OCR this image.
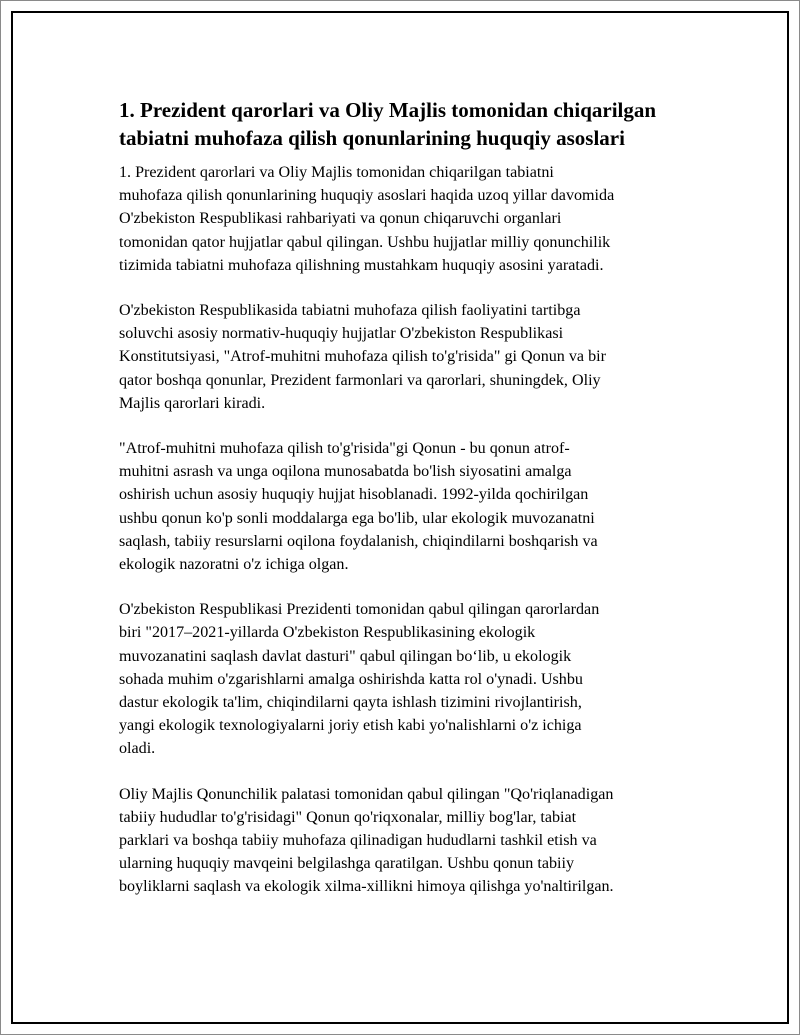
1. Prezident qarorlari va Oliy Majlis tomonidan chiqarilgan
tabiatni muhofaza qilish qonunlarining huquqiy asoslari

1. Prezident qarorlari va Oliy Majlis tomonidan chiqarilgan tabiatni
muhofaza qilish qonunlarining huquqiy asoslari haqida uzoq yillar davomida
O'zbekiston Respublikasi rahbariyati va qonun chiqaruvchi organlari
tomonidan qator hujjatlar qabul qilingan. Ushbu hujjatlar milliy qonunchilik
tizimida tabiatni muhofaza qilishning mustahkam huquqiy asosini yaratadi.

O'zbekiston Respublikasida tabiatni muhofaza qilish faoliyatini tartibga
soluvchi asosiy normativ-huquqiy hujjatlar O'zbekiston Respublikasi
Konstitutsiyasi, "Atrof-muhitni muhofaza qilish to'g'risida" gi Qonun va bir
qator boshqa qonunlar, Prezident farmonlari va qarorlari, shuningdek, Oliy
Majlis qarorlari kiradi.

"Atrof-muhitni muhofaza qilish to'g'risida"gi Qonun - bu qonun atrof-
muhitni asrash va unga oqilona munosabatda bo'lish siyosatini amalga
oshirish uchun asosiy huquqiy hujjat hisoblanadi. 1992-yilda qochirilgan
ushbu qonun ko'p sonli moddalarga ega bo'lib, ular ekologik muvozanatni
saqlash, tabiiy resurslarni oqilona foydalanish, chiqindilarni boshqarish va
ekologik nazoratni o'z ichiga olgan.

O'zbekiston Respublikasi Prezidenti tomonidan qabul qilingan qarorlardan
biri "2017–2021-yillarda O'zbekiston Respublikasining ekologik
muvozanatini saqlash davlat dasturi" qabul qilingan bo‘lib, u ekologik
sohada muhim o'zgarishlarni amalga oshirishda katta rol o'ynadi. Ushbu
dastur ekologik ta'lim, chiqindilarni qayta ishlash tizimini rivojlantirish,
yangi ekologik texnologiyalarni joriy etish kabi yo'nalishlarni o'z ichiga
oladi.

Oliy Majlis Qonunchilik palatasi tomonidan qabul qilingan "Qo'riqlanadigan
tabiiy hududlar to'g'risidagi" Qonun qo'riqxonalar, milliy bog'lar, tabiat
parklari va boshqa tabiiy muhofaza qilinadigan hududlarni tashkil etish va
ularning huquqiy mavqeini belgilashga qaratilgan. Ushbu qonun tabiiy
boyliklarni saqlash va ekologik xilma-xillikni himoya qilishga yo'naltirilgan.
